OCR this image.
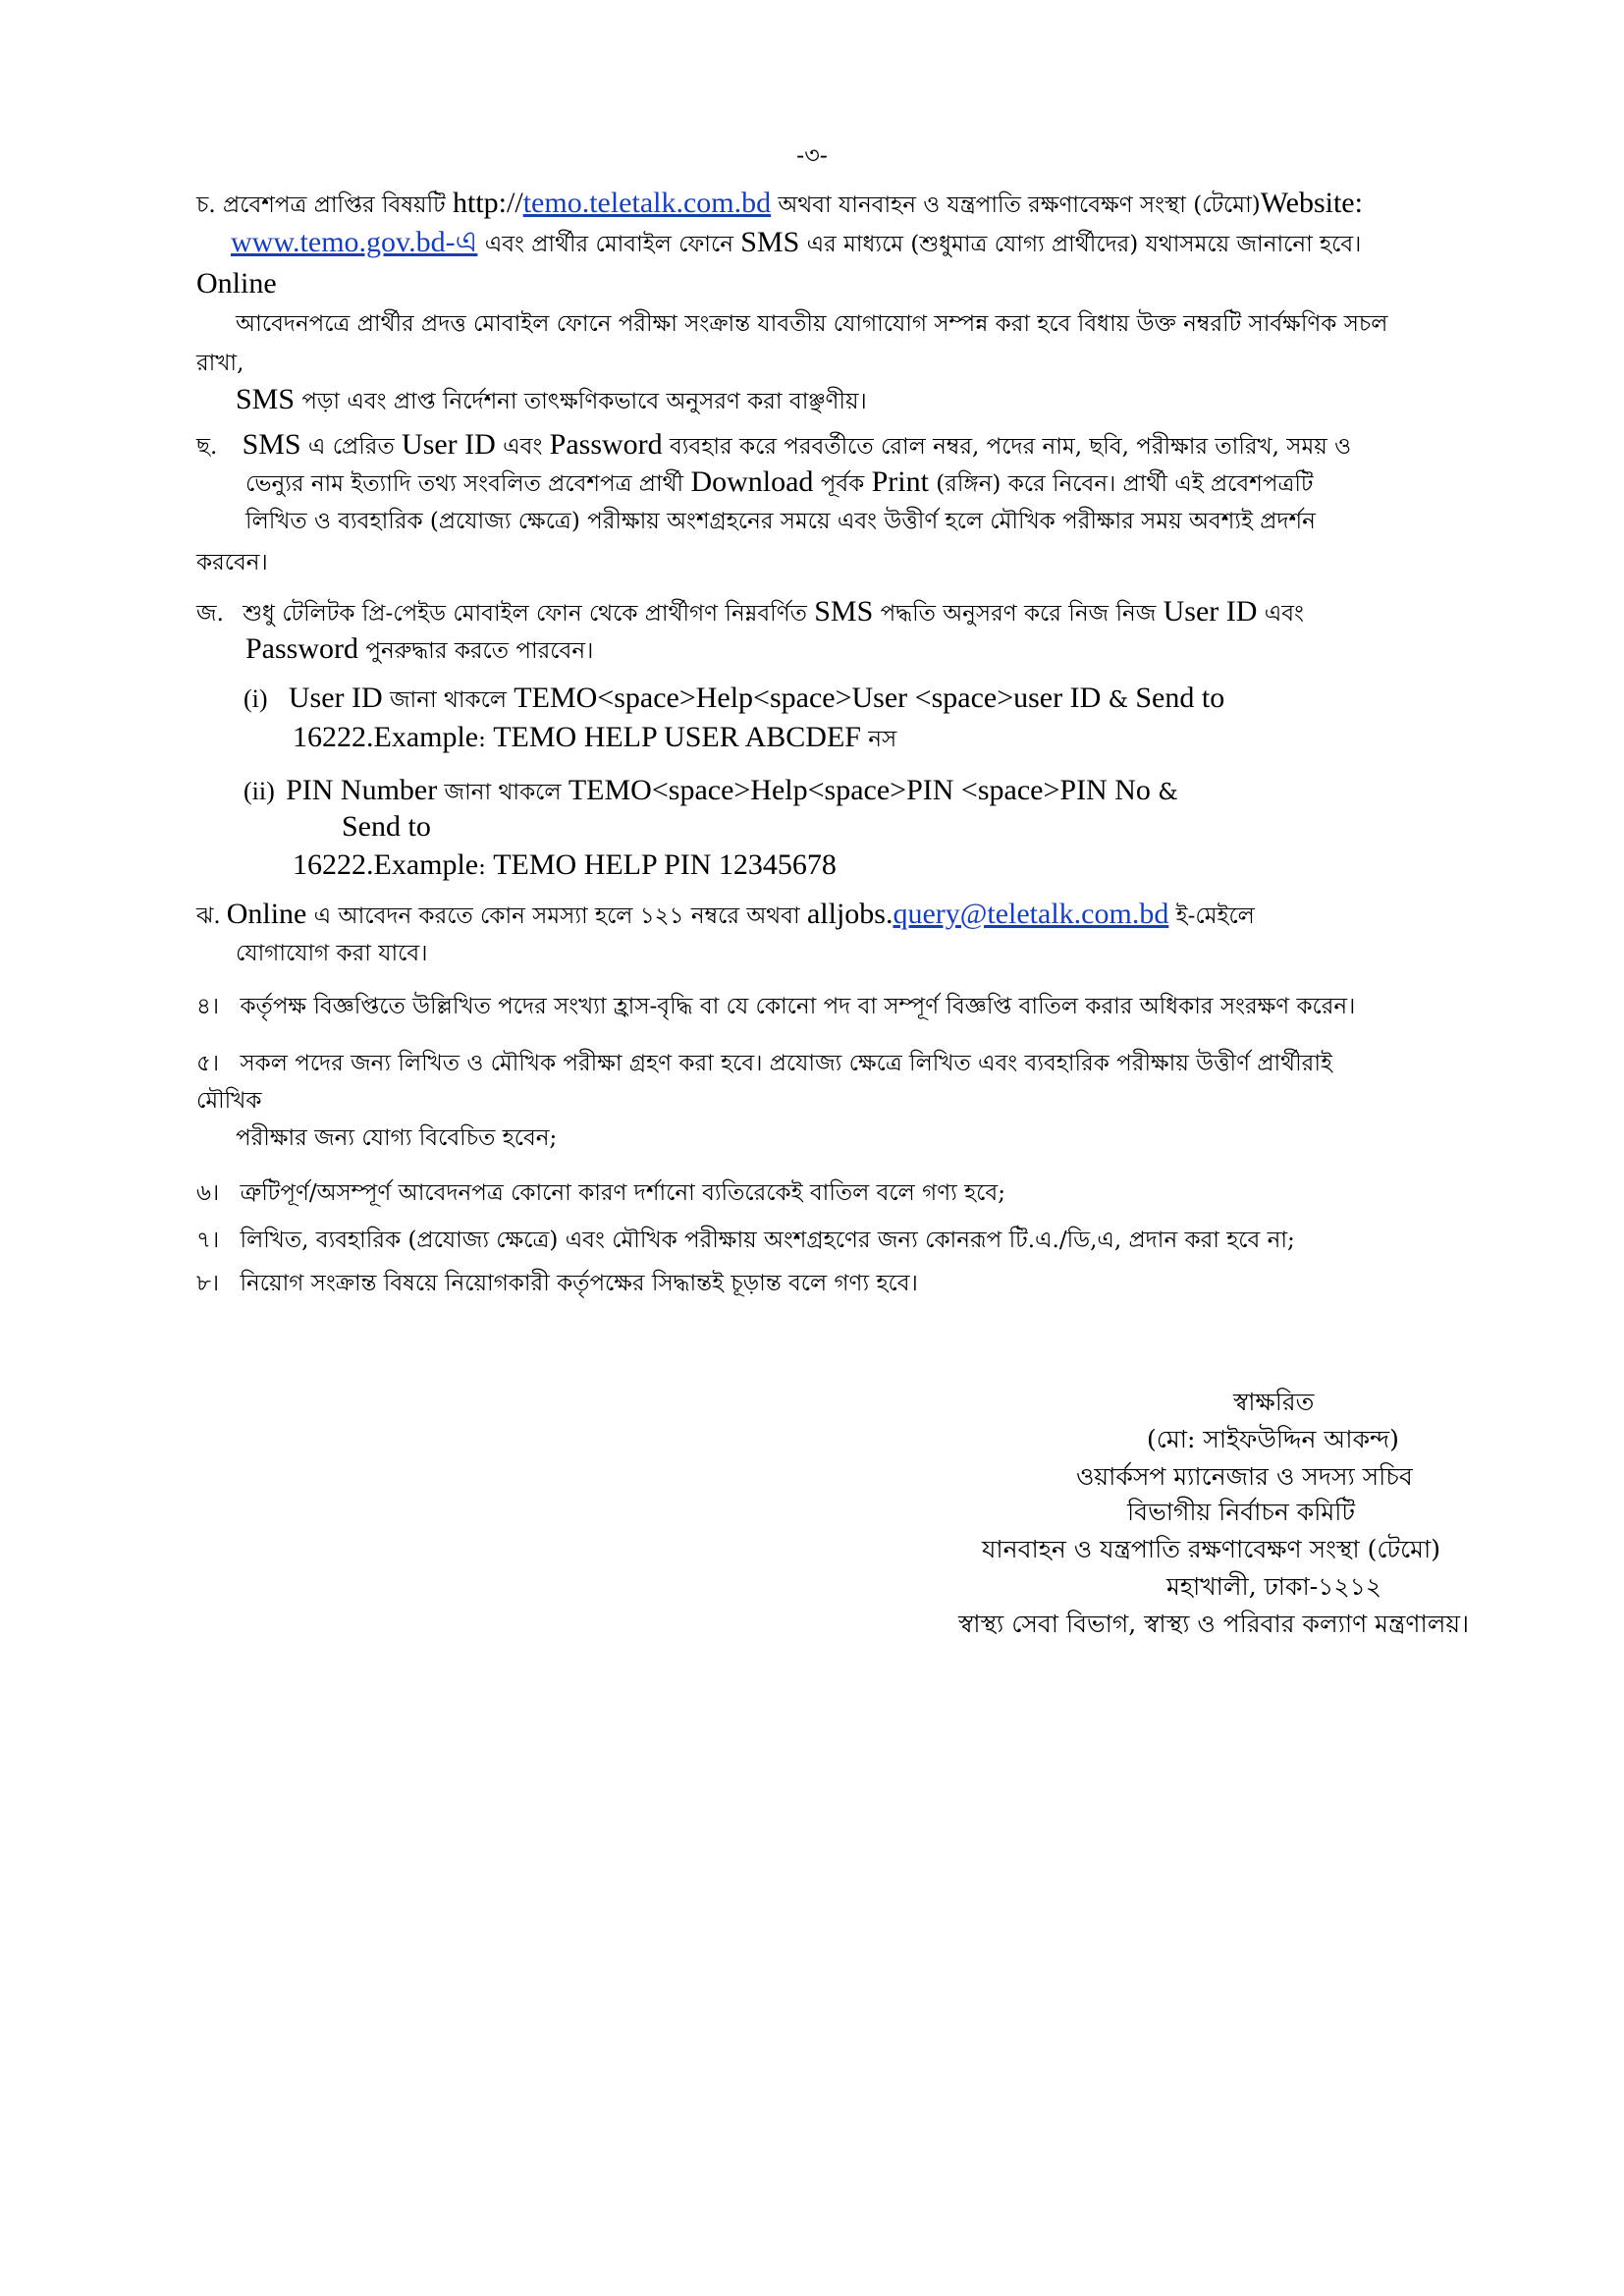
-৩-
চ. প্রবেশপত্র প্রাপ্তির বিষয়টি http://temo.teletalk.com.bd অথবা যানবাহন ও যন্ত্রপাতি রক্ষণাবেক্ষণ সংস্থা (টেমো)Website:
www.temo.gov.bd-এ এবং প্রার্থীর মোবাইল ফোনে SMS এর মাধ্যমে (শুধুমাত্র যোগ্য প্রার্থীদের) যথাসময়ে জানানো হবে।
Online
আবেদনপত্রে প্রার্থীর প্রদত্ত মোবাইল ফোনে পরীক্ষা সংক্রান্ত যাবতীয় যোগাযোগ সম্পন্ন করা হবে বিধায় উক্ত নম্বরটি সার্বক্ষণিক সচল
রাখা,
SMS পড়া এবং প্রাপ্ত নির্দেশনা তাৎক্ষণিকভাবে অনুসরণ করা বাঞ্ছণীয়।
ছ. SMS এ প্রেরিত User ID এবং Password ব্যবহার করে পরবর্তীতে রোল নম্বর, পদের নাম, ছবি, পরীক্ষার তারিখ, সময় ও
ভেন্যুর নাম ইত্যাদি তথ্য সংবলিত প্রবেশপত্র প্রার্থী Download পূর্বক Print (রঙ্গিন) করে নিবেন। প্রার্থী এই প্রবেশপত্রটি
লিখিত ও ব্যবহারিক (প্রযোজ্য ক্ষেত্রে) পরীক্ষায় অংশগ্রহনের সময়ে এবং উত্তীর্ণ হলে মৌখিক পরীক্ষার সময় অবশ্যই প্রদর্শন
করবেন।
জ. শুধু টেলিটক প্রি-পেইড মোবাইল ফোন থেকে প্রার্থীগণ নিম্নবর্ণিত SMS পদ্ধতি অনুসরণ করে নিজ নিজ User ID এবং
Password পুনরুদ্ধার করতে পারবেন।
(i) User ID জানা থাকলে TEMO<space>Help<space>User <space>user ID & Send to
16222.Example: TEMO HELP USER ABCDEF নস
(ii) PIN Number জানা থাকলে TEMO<space>Help<space>PIN <space>PIN No &
Send to
16222.Example: TEMO HELP PIN 12345678
ঝ. Online এ আবেদন করতে কোন সমস্যা হলে ১২১ নম্বরে অথবা alljobs.query@teletalk.com.bd ই-মেইলে
যোগাযোগ করা যাবে।
৪। কর্তৃপক্ষ বিজ্ঞপ্তিতে উল্লিখিত পদের সংখ্যা হ্রাস-বৃদ্ধি বা যে কোনো পদ বা সম্পূর্ণ বিজ্ঞপ্তি বাতিল করার অধিকার সংরক্ষণ করেন।
৫। সকল পদের জন্য লিখিত ও মৌখিক পরীক্ষা গ্রহণ করা হবে। প্রযোজ্য ক্ষেত্রে লিখিত এবং ব্যবহারিক পরীক্ষায় উত্তীর্ণ প্রার্থীরাই
মৌখিক
পরীক্ষার জন্য যোগ্য বিবেচিত হবেন;
৬। ত্রুটিপূর্ণ/অসম্পূর্ণ আবেদনপত্র কোনো কারণ দর্শানো ব্যতিরেকেই বাতিল বলে গণ্য হবে;
৭। লিখিত, ব্যবহারিক (প্রযোজ্য ক্ষেত্রে) এবং মৌখিক পরীক্ষায় অংশগ্রহণের জন্য কোনরূপ টি.এ./ডি,এ, প্রদান করা হবে না;
৮। নিয়োগ সংক্রান্ত বিষয়ে নিয়োগকারী কর্তৃপক্ষের সিদ্ধান্তই চূড়ান্ত বলে গণ্য হবে।
স্বাক্ষরিত
(মো: সাইফউদ্দিন আকন্দ)
ওয়ার্কসপ ম্যানেজার ও সদস্য সচিব
বিভাগীয় নির্বাচন কমিটি
যানবাহন ও যন্ত্রপাতি রক্ষণাবেক্ষণ সংস্থা (টেমো)
মহাখালী, ঢাকা-১২১২
স্বাস্থ্য সেবা বিভাগ, স্বাস্থ্য ও পরিবার কল্যাণ মন্ত্রণালয়।
